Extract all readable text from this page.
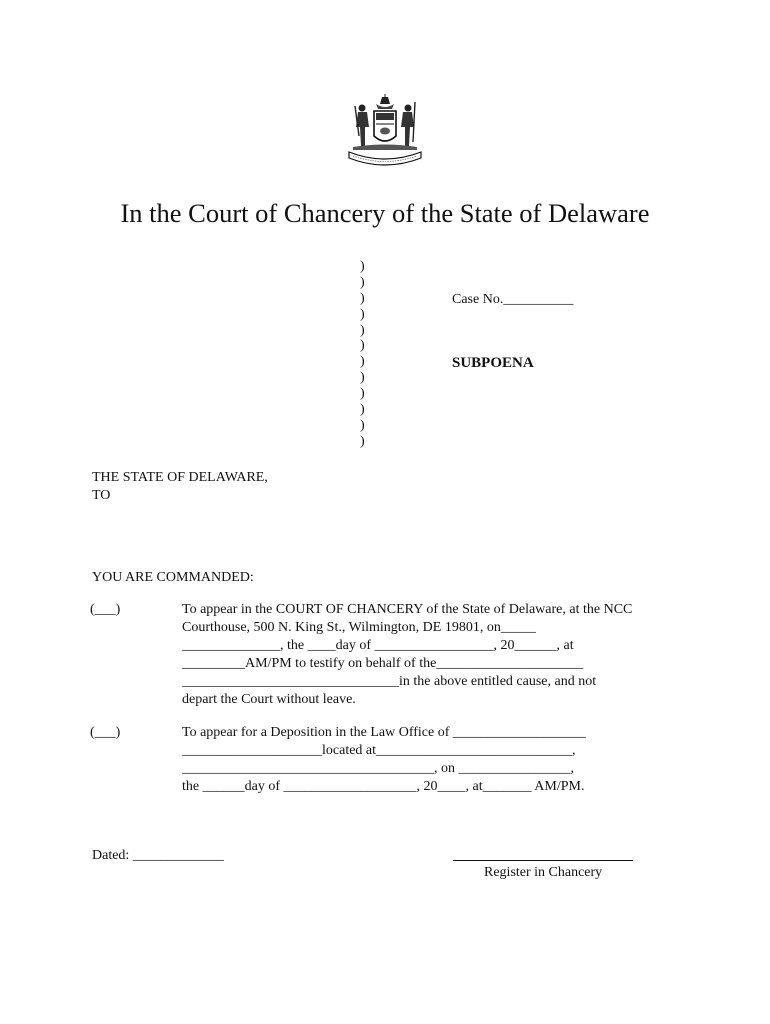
In the Court of Chancery of the State of Delaware
)
)
)
)
)
)
)
)
)
)
)
)
Case No.__________
SUBPOENA
THE STATE OF DELAWARE,
TO
YOU ARE COMMANDED:
(___)	To appear in the COURT OF CHANCERY of the State of Delaware, at the NCC
Courthouse, 500 N. King St., Wilmington, DE 19801, on_____
______________, the ____day of _________________, 20______, at
_________AM/PM to testify on behalf of the_____________________
_______________________________in the above entitled cause, and not
depart the Court without leave.
(___)	To appear for a Deposition in the Law Office of ___________________
____________________located at____________________________,
____________________________________, on ________________,
the ______day of ___________________, 20____, at_______ AM/PM.
Dated: _____________
Register in Chancery
